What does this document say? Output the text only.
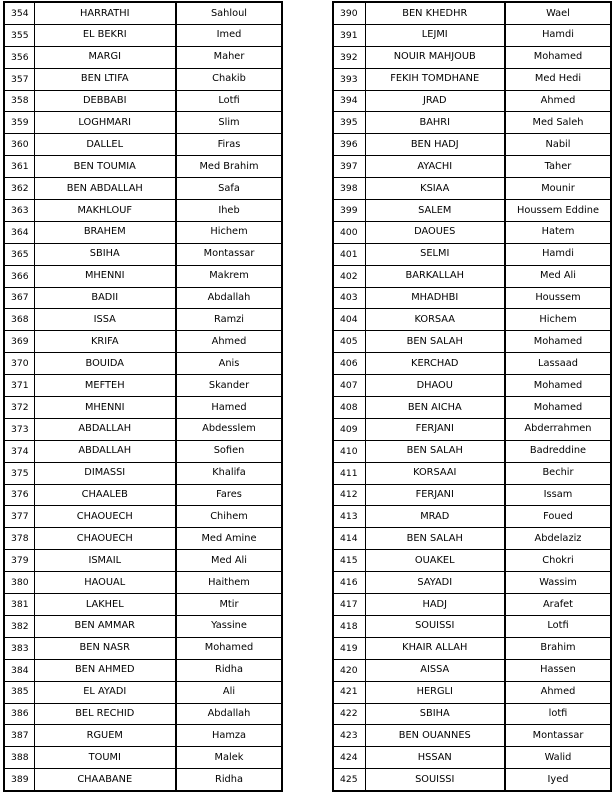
354	HARRATHI	Sahloul
355	EL BEKRI	Imed
356	MARGI	Maher
357	BEN LTIFA	Chakib
358	DEBBABI	Lotfi
359	LOGHMARI	Slim
360	DALLEL	Firas
361	BEN TOUMIA	Med Brahim
362	BEN ABDALLAH	Safa
363	MAKHLOUF	Iheb
364	BRAHEM	Hichem
365	SBIHA	Montassar
366	MHENNI	Makrem
367	BADII	Abdallah
368	ISSA	Ramzi
369	KRIFA	Ahmed
370	BOUIDA	Anis
371	MEFTEH	Skander
372	MHENNI	Hamed
373	ABDALLAH	Abdesslem
374	ABDALLAH	Sofien
375	DIMASSI	Khalifa
376	CHAALEB	Fares
377	CHAOUECH	Chihem
378	CHAOUECH	Med Amine
379	ISMAIL	Med Ali
380	HAOUAL	Haithem
381	LAKHEL	Mtir
382	BEN AMMAR	Yassine
383	BEN NASR	Mohamed
384	BEN AHMED	Ridha
385	EL AYADI	Ali
386	BEL RECHID	Abdallah
387	RGUEM	Hamza
388	TOUMI	Malek
389	CHAABANE	Ridha
390	BEN KHEDHR	Wael
391	LEJMI	Hamdi
392	NOUIR MAHJOUB	Mohamed
393	FEKIH TOMDHANE	Med Hedi
394	JRAD	Ahmed
395	BAHRI	Med Saleh
396	BEN HADJ	Nabil
397	AYACHI	Taher
398	KSIAA	Mounir
399	SALEM	Houssem Eddine
400	DAOUES	Hatem
401	SELMI	Hamdi
402	BARKALLAH	Med Ali
403	MHADHBI	Houssem
404	KORSAA	Hichem
405	BEN SALAH	Mohamed
406	KERCHAD	Lassaad
407	DHAOU	Mohamed
408	BEN AICHA	Mohamed
409	FERJANI	Abderrahmen
410	BEN SALAH	Badreddine
411	KORSAAI	Bechir
412	FERJANI	Issam
413	MRAD	Foued
414	BEN SALAH	Abdelaziz
415	OUAKEL	Chokri
416	SAYADI	Wassim
417	HADJ	Arafet
418	SOUISSI	Lotfi
419	KHAIR ALLAH	Brahim
420	AISSA	Hassen
421	HERGLI	Ahmed
422	SBIHA	lotfi
423	BEN OUANNES	Montassar
424	HSSAN	Walid
425	SOUISSI	Iyed
